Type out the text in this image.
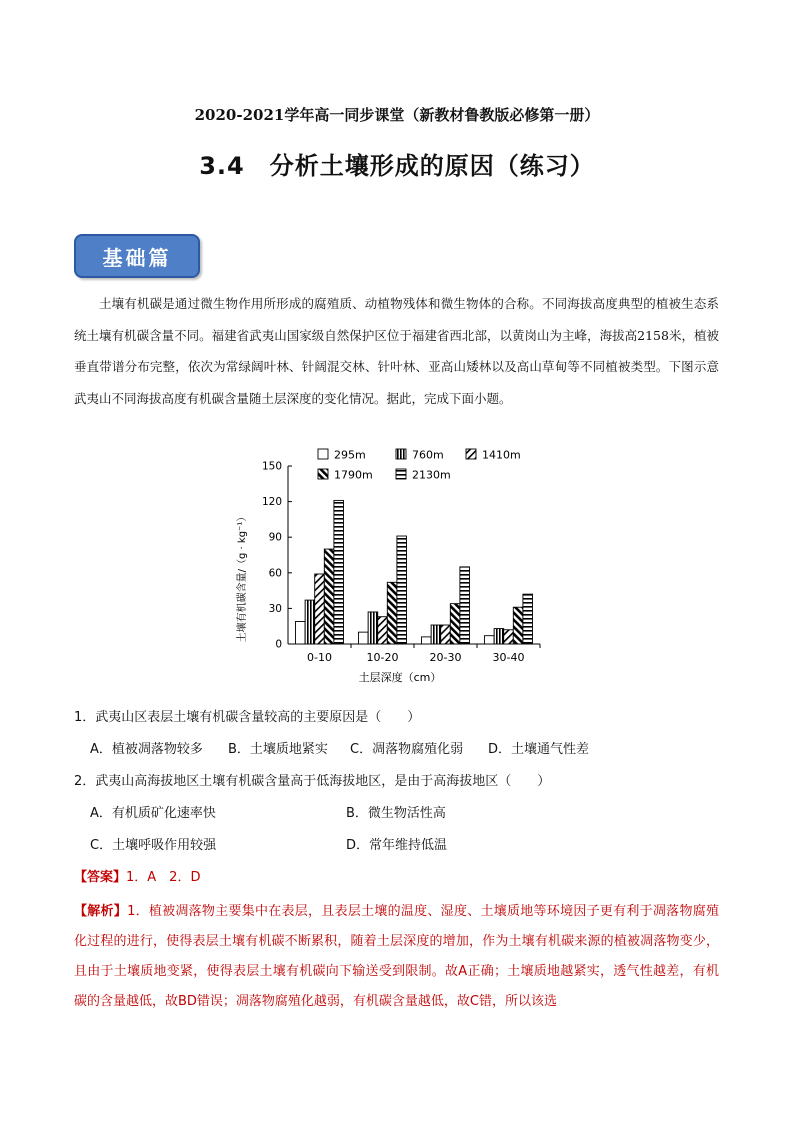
2020-2021学年高一同步课堂（新教材鲁教版必修第一册）
3.4　分析土壤形成的原因（练习）
基础篇
土壤有机碳是通过微生物作用所形成的腐殖质、动植物残体和微生物体的合称。不同海拔高度典型的植被生态系统土壤有机碳含量不同。福建省武夷山国家级自然保护区位于福建省西北部，以黄岗山为主峰，海拔高2158米，植被垂直带谱分布完整，依次为常绿阔叶林、针阔混交林、针叶林、亚高山矮林以及高山草甸等不同植被类型。下图示意武夷山不同海拔高度有机碳含量随土层深度的变化情况。据此，完成下面小题。
0
30
60
90
120
150
0-10	10-20	20-30	30-40
295m	760m	1410m
1790m	2130m
土壤有机碳含量/（g · kg⁻¹）
土层深度（cm）
1．武夷山区表层土壤有机碳含量较高的主要原因是（　　）
A．植被凋落物较多 B．土壤质地紧实 C．凋落物腐殖化弱 D．土壤通气性差
2．武夷山高海拔地区土壤有机碳含量高于低海拔地区，是由于高海拔地区（　　）
A．有机质矿化速率快	B．微生物活性高
C．土壤呼吸作用较强	D．常年维持低温
【答案】1．A　2．D
【解析】1．植被凋落物主要集中在表层，且表层土壤的温度、湿度、土壤质地等环境因子更有利于凋落物腐殖化过程的进行，使得表层土壤有机碳不断累积，随着土层深度的增加，作为土壤有机碳来源的植被凋落物变少，且由于土壤质地变紧，使得表层土壤有机碳向下输送受到限制。故A正确；土壤质地越紧实，透气性越差，有机碳的含量越低，故BD错误；凋落物腐殖化越弱，有机碳含量越低，故C错，所以该选
